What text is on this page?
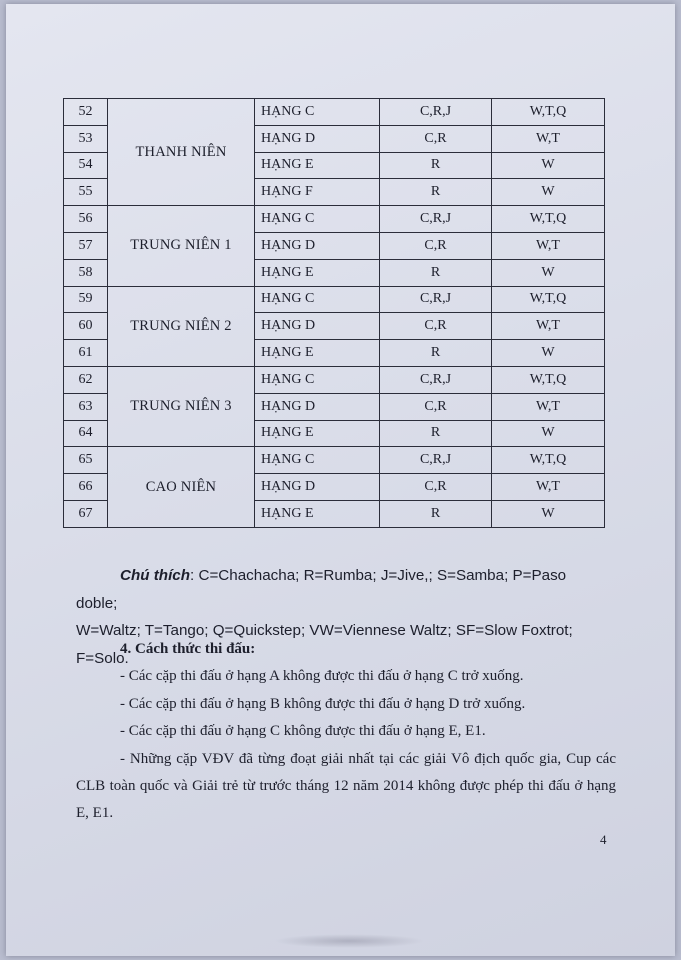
52	THANH NIÊN	HẠNG C	C,R,J	W,T,Q
53		HẠNG D	C,R	W,T
54		HẠNG E	R	W
55		HẠNG F	R	W
56	TRUNG NIÊN 1	HẠNG C	C,R,J	W,T,Q
57		HẠNG D	C,R	W,T
58		HẠNG E	R	W
59	TRUNG NIÊN 2	HẠNG C	C,R,J	W,T,Q
60		HẠNG D	C,R	W,T
61		HẠNG E	R	W
62	TRUNG NIÊN 3	HẠNG C	C,R,J	W,T,Q
63		HẠNG D	C,R	W,T
64		HẠNG E	R	W
65	CAO NIÊN	HẠNG C	C,R,J	W,T,Q
66		HẠNG D	C,R	W,T
67		HẠNG E	R	W

Chú thích: C=Chachacha; R=Rumba; J=Jive,; S=Samba; P=Paso doble;

W=Waltz; T=Tango; Q=Quickstep; VW=Viennese Waltz; SF=Slow Foxtrot;

F=Solo.

4. Cách thức thi đấu:

- Các cặp thi đấu ở hạng A không được thi đấu ở hạng C trở xuống.

- Các cặp thi đấu ở hạng B không được thi đấu ở hạng D trở xuống.

- Các cặp thi đấu ở hạng C không được thi đấu ở hạng E, E1.

- Những cặp VĐV đã từng đoạt giải nhất tại các giải Vô địch quốc gia, Cup các CLB toàn quốc và Giải trẻ từ trước tháng 12 năm 2014 không được phép thi đấu ở hạng E, E1.

4
